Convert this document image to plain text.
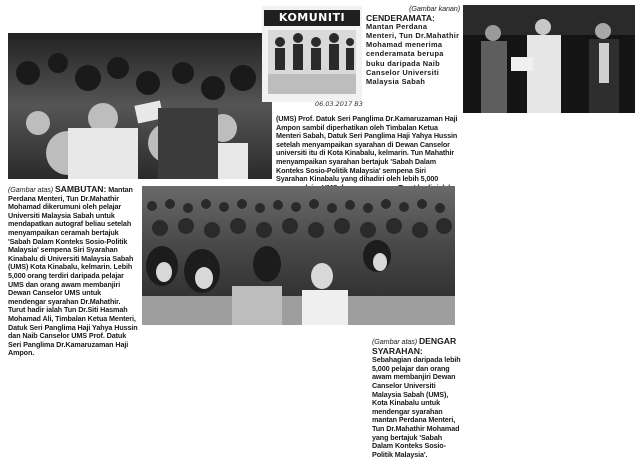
KOMUNITI
06.03.2017 B3
(Gambar kanan)
CENDERAMATA:
Mantan Perdana Menteri, Tun Dr.Mahathir Mohamad menerima cenderamata berupa buku daripada Naib Canselor Universiti Malaysia Sabah
(UMS) Prof. Datuk Seri Panglima Dr.Kamaruzaman Haji Ampon sambil diperhatikan oleh Timbalan Ketua Menteri Sabah, Datuk Seri Panglima Haji Yahya Hussin setelah menyampaikan syarahan di Dewan Canselor universiti itu di Kota Kinabalu, kelmarin. Tun Mahathir menyampaikan syarahan bertajuk 'Sabah Dalam Konteks Sosio-Politik Malaysia' sempena Siri Syarahan Kinabalu yang dihadiri oleh lebih 5,000
(Gambar atas) SAMBUTAN: Mantan Perdana Menteri, Tun Dr.Mahathir Mohamad dikerumuni oleh pelajar Universiti Malaysia Sabah untuk mendapatkan autograf beliau setelah menyampaikan ceramah bertajuk 'Sabah Dalam Konteks Sosio-Politik Malaysia' sempena Siri Syarahan Kinabalu di Universiti Malaysia Sabah (UMS) Kota Kinabalu, kelmarin. Lebih 5,000 orang terdiri daripada pelajar UMS dan orang awam membanjiri Dewan Canselor UMS untuk mendengar syarahan Dr.Mahathir. Turut hadir ialah Tun Dr.Siti Hasmah Mohamad Ali, Timbalan Ketua Menteri, Datuk Seri Panglima Haji Yahya Hussin dan Naib Canselor UMS Prof. Datuk Seri Panglima Dr.Kamaruzaman Haji Ampon.
(Gambar atas) DENGAR SYARAHAN: Sebahagian daripada lebih 5,000 pelajar dan orang awam membanjiri Dewan Canselor Universiti Malaysia Sabah (UMS), Kota Kinabalu untuk mendengar syarahan mantan Perdana Menteri, Tun Dr.Mahathir Mohamad yang bertajuk 'Sabah Dalam Konteks Sosio-Politik Malaysia'.
